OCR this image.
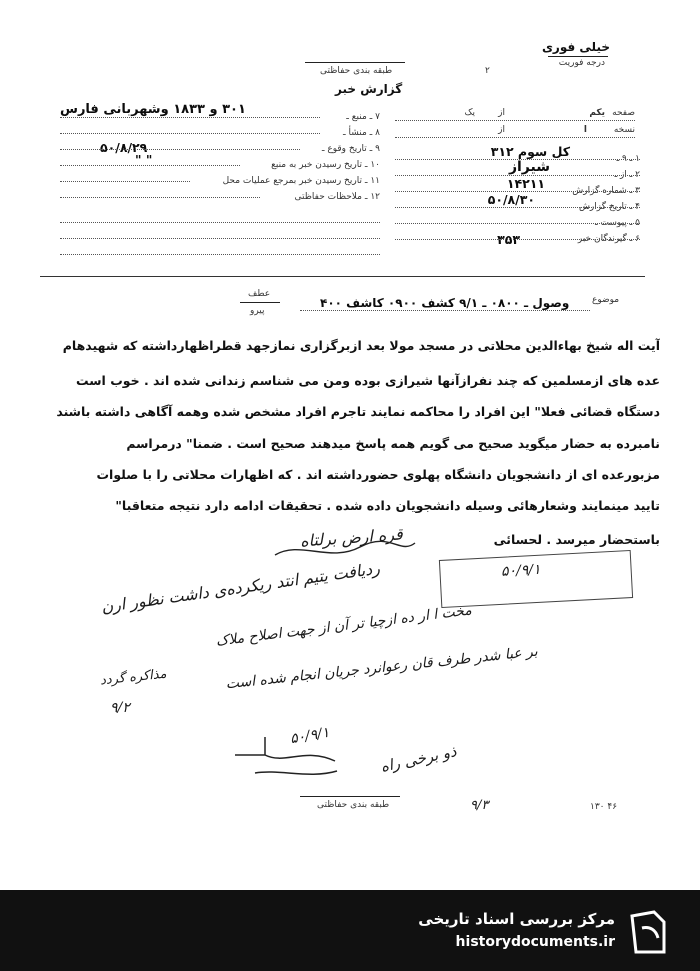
خیلی فوری
درجه فوریت
طبقه بندی حفاظتی	۲
گزارش خبر
صفحه
یکم
از
یک
نسخه
ا
از
۱ ـ ۹ ـ
کل سوم ۳۱۲
۲ ـ از ـ
شیراز
۳ ـ شماره گزارش
۱۴۲۱۱
۴ ـ تاریخ گزارش
۵۰/۸/۳۰
۵ ـ پیوست ـ
۶ ـ گیرندگان خبر
۳۵۳
۷ ـ منبع ـ
۳۰۱ و ۱۸۳۳ وشهربانی فارس
۸ ـ منشأ ـ
۹ ـ تاریخ وقوع ـ
۵۰/۸/۲۹
۱۰ ـ تاریخ رسیدن خبر به منبع
" "
۱۱ ـ تاریخ رسیدن خبر بمرجع عملیات محل
۱۲ ـ ملاحظات حفاظتی
موضوع
وصول ـ ۰۸۰۰ ـ ۹/۱ کشف ۰۹۰۰ کاشف ۴۰۰
عطف
پیرو
آیت اله شیخ بهاءالدین محلاتی در مسجد مولا بعد ازبرگزاری نمازجهد قطراظهارداشته که شهیدهام
عده های ازمسلمین که چند نفرازآنها شیرازی بوده ومن می شناسم زندانی شده اند . خوب است
دستگاه قضائی فعلا" این افراد را محاکمه نمایند تاجرم افراد مشخص شده وهمه آگاهی داشته باشند
نامبرده به حضار میگوید صحیح می گویم همه پاسخ میدهند صحیح است . ضمنا" درمراسم
مزبورعده ای از دانشجویان دانشگاه پهلوی حضورداشته اند . که اظهارات محلاتی را با صلوات
تایید مینمایند وشعارهائی وسیله دانشجویان داده شده . تحقیقات ادامه دارد نتیجه متعاقبا"
باستحضار میرسد . لحسائی
قره ارض برلتاه
۵۰/۹/۱
ردیافت یتیم انتد ریکرده‌ی داشت نظور ارن
مخت ا ار ده ازچیا تر آن از جهت اصلاح ملاک
بر عبا شدر طرف قان رعوانرد جریان انجام شده است
مذاکره گردد
۹/۲
۵۰/۹/۱
ذو‌ برخی راه
۹/۳
طبقه بندی حفاظتی	۴۶ ۱۳۰
مرکز بررسی اسناد تاریخی
historydocuments.ir
